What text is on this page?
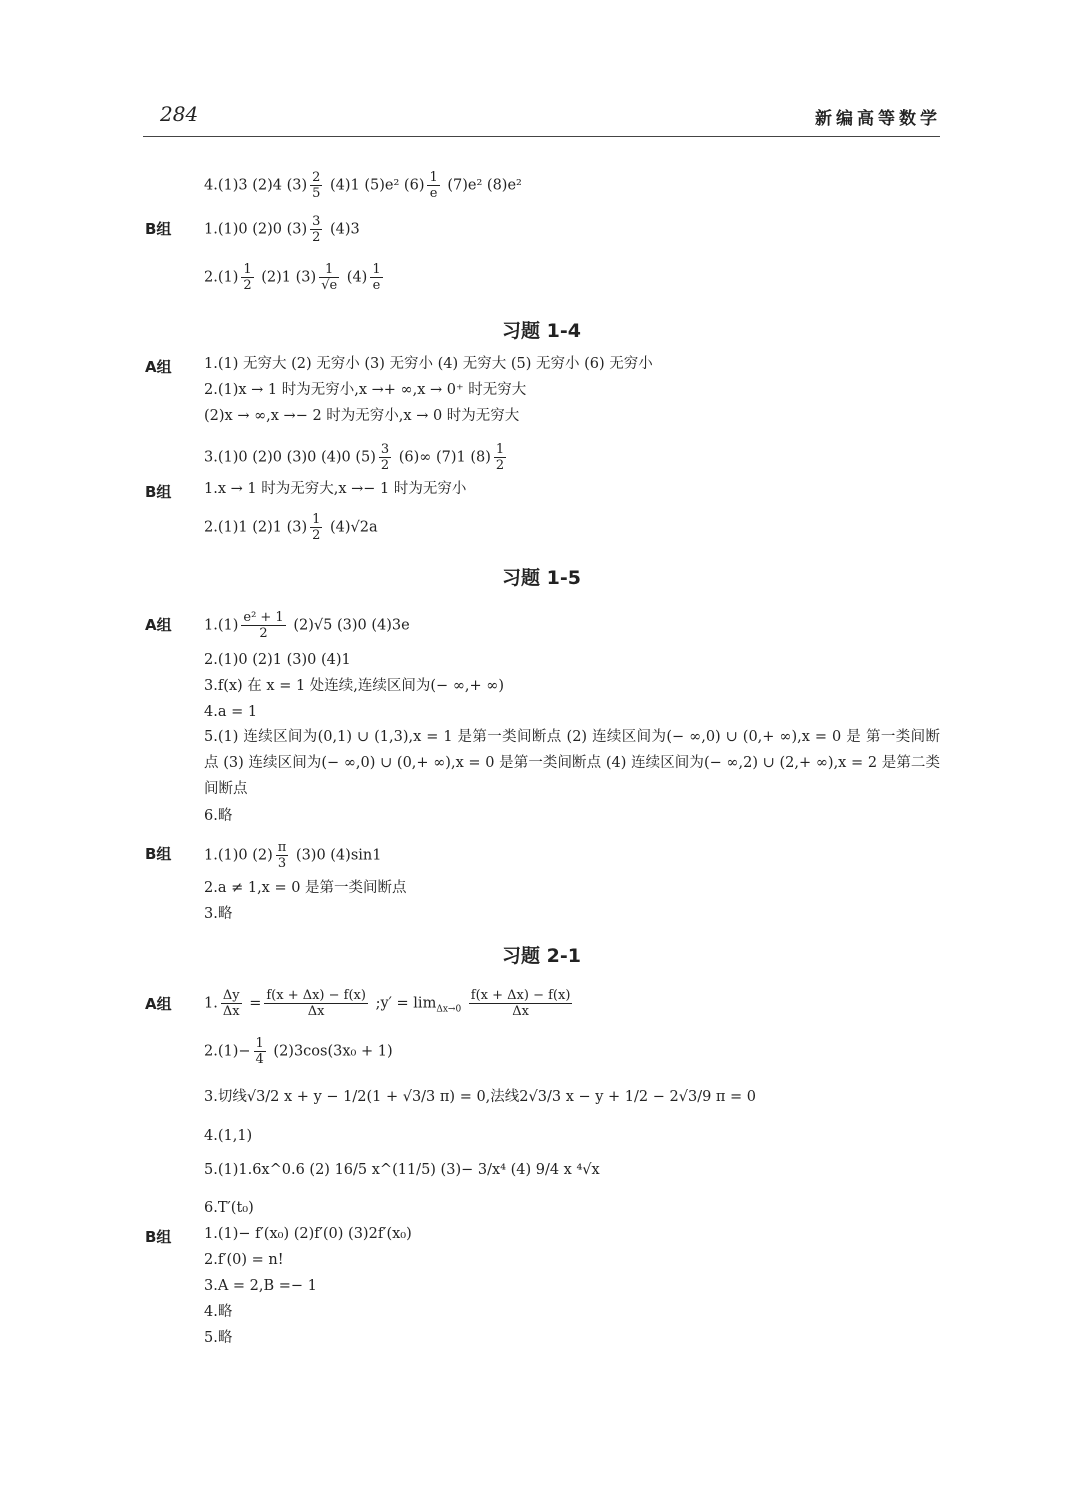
284	新编高等数学
4.(1)3 (2)4 $(3) \frac{2}{5} (4)1$ (5)e² $(6) \frac{1}{e} (7)e^2$ (8)e²
B组 1.(1)0 (2)0 $(3) \frac{3}{2} (4)3$
$2.(1) \frac{1}{2} (2)1$ $(3) \frac{1}{√e} (4) \frac{1}{e}$
习题 1-4
A组 1.(1) 无穷大 (2) 无穷小 (3) 无穷小 (4) 无穷大 (5) 无穷小 (6) 无穷小
2.(1)x → 1 时为无穷小,x →+ ∞,x → 0⁺ 时无穷大
(2)x → ∞,x →− 2 时为无穷小,x → 0 时为无穷大
3.(1)0 (2)0 (3)0 (4)0 $(5) \frac{3}{2} (6)\infty$ (7)1 $(8) \frac{1}{2}$
B组 1.x → 1 时为无穷大,x →− 1 时为无穷小
2.(1)1 (2)1 $(3) \frac{1}{2} (4)√2a$
习题 1-5
A组 $1.(1) \frac{\text{e² + 1}}{2} (2)√5$ (3)0 (4)3e
2.(1)0 (2)1 (3)0 (4)1
3.f(x) 在 x = 1 处连续,连续区间为(− ∞,+ ∞)
4.a = 1
5.(1) 连续区间为(0,1) ∪ (1,3),x = 1 是第一类间断点 (2) 连续区间为(− ∞,0) ∪ (0,+ ∞),x = 0 是 第一类间断点 (3) 连续区间为(− ∞,0) ∪ (0,+ ∞),x = 0 是第一类间断点 (4) 连续区间为(− ∞,2) ∪ (2,+ ∞),x = 2 是第二类间断点
6.略
B组 1.(1)0 $(2) \frac{\pi}{3} (3)0$ (4)sin1
2.a ≠ 1,x = 0 是第一类间断点
3.略
习题 2-1
A组 1. $\frac{\Delta y}{\Delta x} = \frac{f(x + \Delta x) - f(x)}{\Delta x}$ ;y′ = $\lim_{\Delta x\to 0} \frac{f(x + \Delta x) - f(x)}{\Delta x}$
$2.(1)- \frac{1}{4} (2)3\cos(3x_0 + 1)$
3.切线√3/2 x + y − 1/2(1 + √3/3 π) = 0,法线2√3/3 x − y + 1/2 − 2√3/9 π = 0
4.(1,1)
5.(1)1.6x^0.6 (2) 16/5 x^(11/5) (3)− 3/x⁴ (4) 9/4 x ⁴√x
6.T′(t₀)
B组 1.(1)− f′(x₀) (2)f′(0) (3)2f′(x₀)
2.f′(0) = n!
3.A = 2,B =− 1
4.略
5.略
